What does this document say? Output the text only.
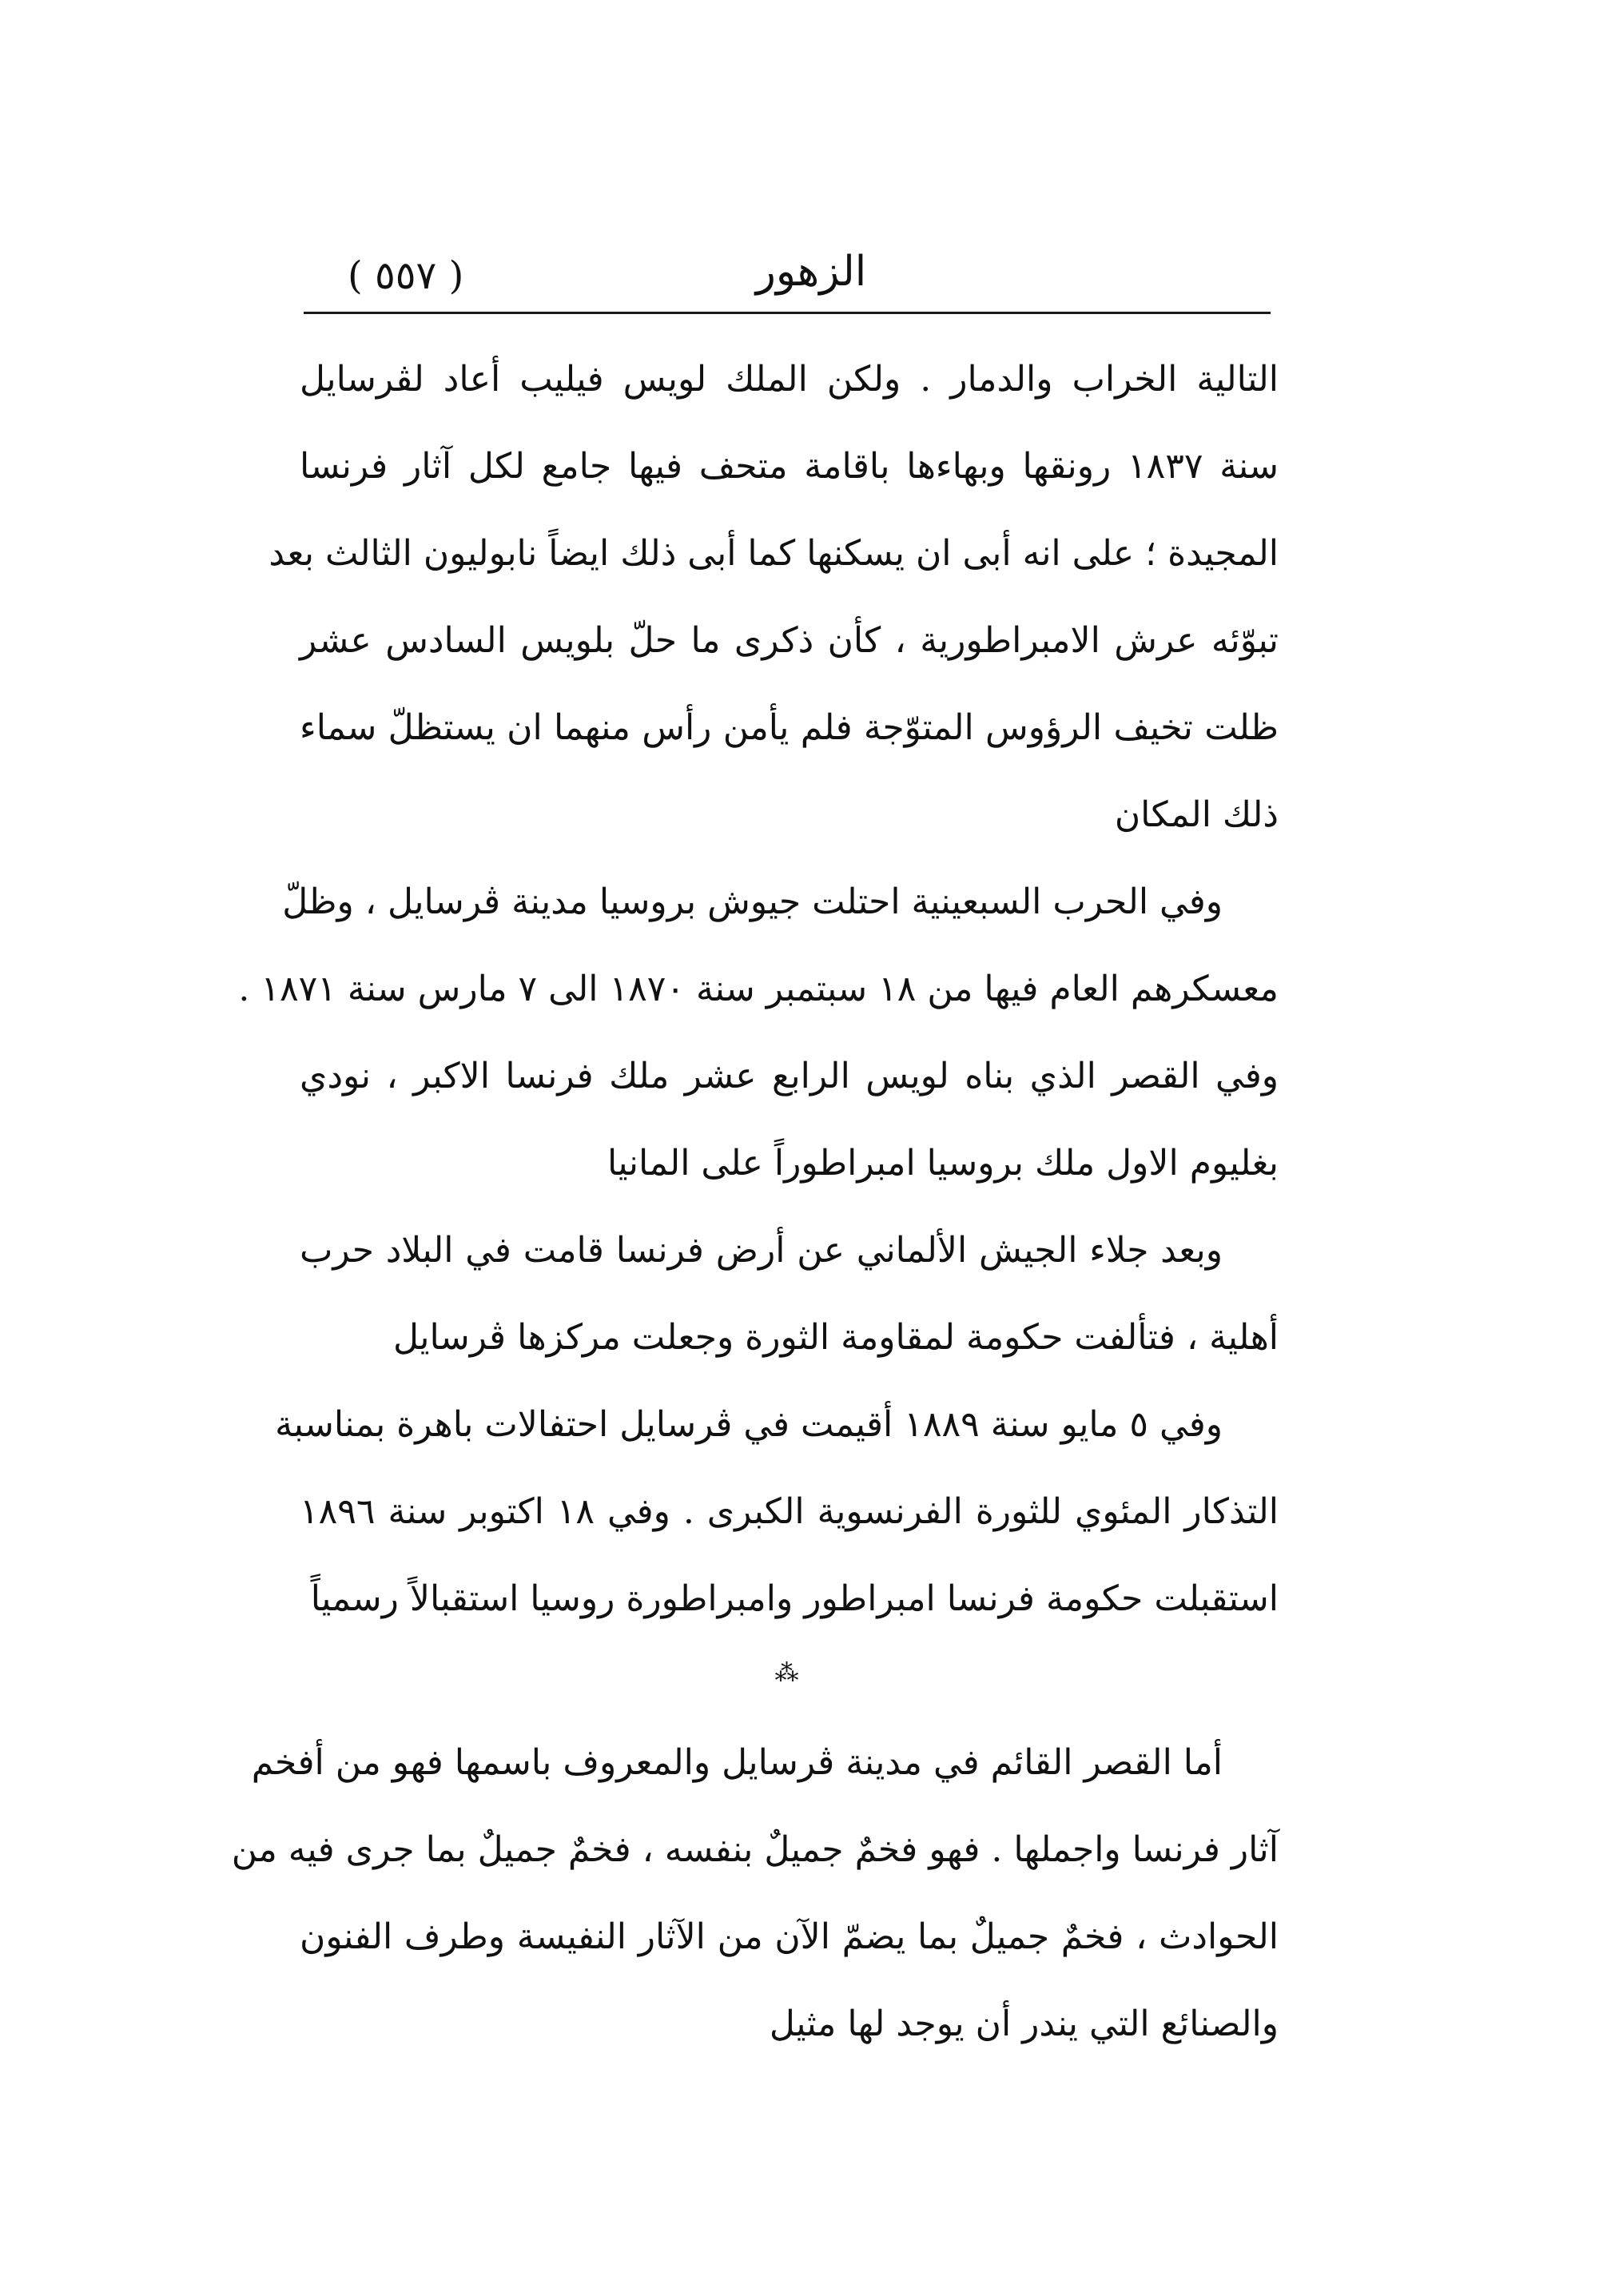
( ٥٥٧ )	الزهور
التالية الخراب والدمار . ولكن الملك لويس فيليب أعاد لڤرسايل
سنة ١٨٣٧ رونقها وبهاءها باقامة متحف فيها جامع لكل آثار فرنسا
المجيدة ؛ على انه أبى ان يسكنها كما أبى ذلك ايضاً نابوليون الثالث بعد
تبوّئه عرش الامبراطورية ، كأن ذكرى ما حلّ بلويس السادس عشر
ظلت تخيف الرؤوس المتوّجة فلم يأمن رأس منهما ان يستظلّ سماء
ذلك المكان
وفي الحرب السبعينية احتلت جيوش بروسيا مدينة ڤرسايل ، وظلّ
معسكرهم العام فيها من ١٨ سبتمبر سنة ١٨٧٠ الى ٧ مارس سنة ١٨٧١ .
وفي القصر الذي بناه لويس الرابع عشر ملك فرنسا الاكبر ، نودي
بغليوم الاول ملك بروسيا امبراطوراً على المانيا
وبعد جلاء الجيش الألماني عن أرض فرنسا قامت في البلاد حرب
أهلية ، فتألفت حكومة لمقاومة الثورة وجعلت مركزها ڤرسايل
وفي ٥ مايو سنة ١٨٨٩ أقيمت في ڤرسايل احتفالات باهرة بمناسبة
التذكار المئوي للثورة الفرنسوية الكبرى . وفي ١٨ اكتوبر سنة ١٨٩٦
استقبلت حكومة فرنسا امبراطور وامبراطورة روسيا استقبالاً رسمياً
⁂
أما القصر القائم في مدينة ڤرسايل والمعروف باسمها فهو من أفخم
آثار فرنسا واجملها . فهو فخمٌ جميلٌ بنفسه ، فخمٌ جميلٌ بما جرى فيه من
الحوادث ، فخمٌ جميلٌ بما يضمّ الآن من الآثار النفيسة وطرف الفنون
والصنائع التي يندر أن يوجد لها مثيل
